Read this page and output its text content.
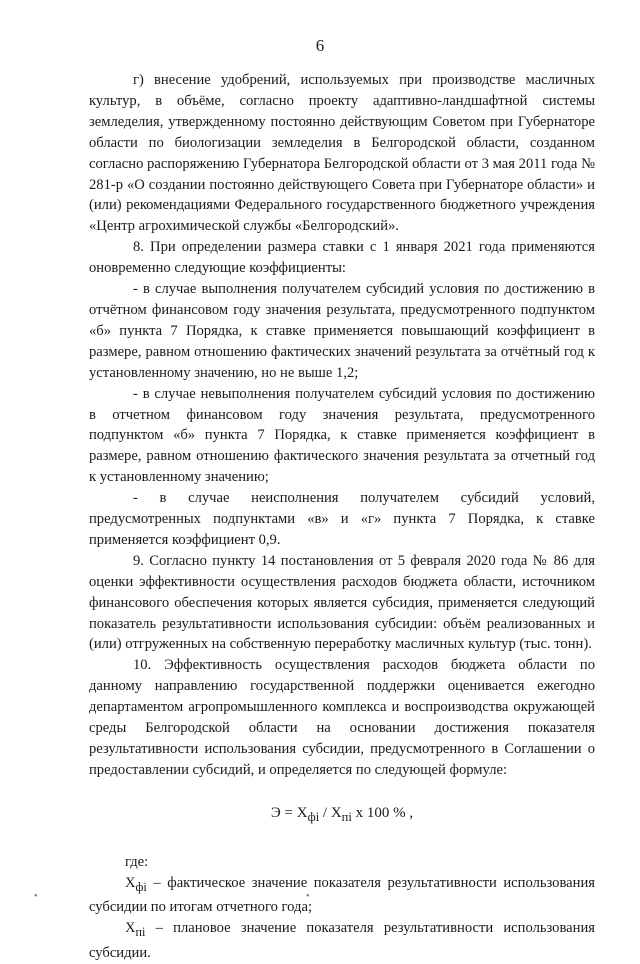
6

г) внесение удобрений, используемых при производстве масличных культур, в объёме, согласно проекту адаптивно-ландшафтной системы земледелия, утвержденному постоянно действующим Советом при Губернаторе области по биологизации земледелия в Белгородской области, созданном согласно распоряжению Губернатора Белгородской области от 3 мая 2011 года № 281-р «О создании постоянно действующего Совета при Губернаторе области» и (или) рекомендациями Федерального государственного бюджетного учреждения «Центр агрохимической службы «Белгородский».

8. При определении размера ставки с 1 января 2021 года применяются оновременно следующие коэффициенты:

- в случае выполнения получателем субсидий условия по достижению в отчётном финансовом году значения результата, предусмотренного подпунктом «б» пункта 7 Порядка, к ставке применяется повышающий коэффициент в размере, равном отношению фактических значений результата за отчётный год к установленному значению, но не выше 1,2;

- в случае невыполнения получателем субсидий условия по достижению в отчетном финансовом году значения результата, предусмотренного подпунктом «б» пункта 7 Порядка, к ставке применяется коэффициент в размере, равном отношению фактического значения результата за отчетный год к установленному значению;

- в случае неисполнения получателем субсидий условий, предусмотренных подпунктами «в» и «г» пункта 7 Порядка, к ставке применяется коэффициент 0,9.

9. Согласно пункту 14 постановления от 5 февраля 2020 года № 86 для оценки эффективности осуществления расходов бюджета области, источником финансового обеспечения которых является субсидия, применяется следующий показатель результативности использования субсидии: объём реализованных и (или) отгруженных на собственную переработку масличных культур (тыс. тонн).

10. Эффективность осуществления расходов бюджета области по данному направлению государственной поддержки оценивается ежегодно департаментом агропромышленного комплекса и воспроизводства окружающей среды Белгородской области на основании достижения показателя результативности использования субсидии, предусмотренного в Соглашении о предоставлении субсидий, и определяется по следующей формуле:

$Э = Х_{фi} / Х_{пi}$ х 100 % ,

где:

$Х_{фi}$ – фактическое значение показателя результативности использования субсидии по итогам отчетного года;

$Х_{пi}$ – плановое значение показателя результативности использования субсидии.

•	•
